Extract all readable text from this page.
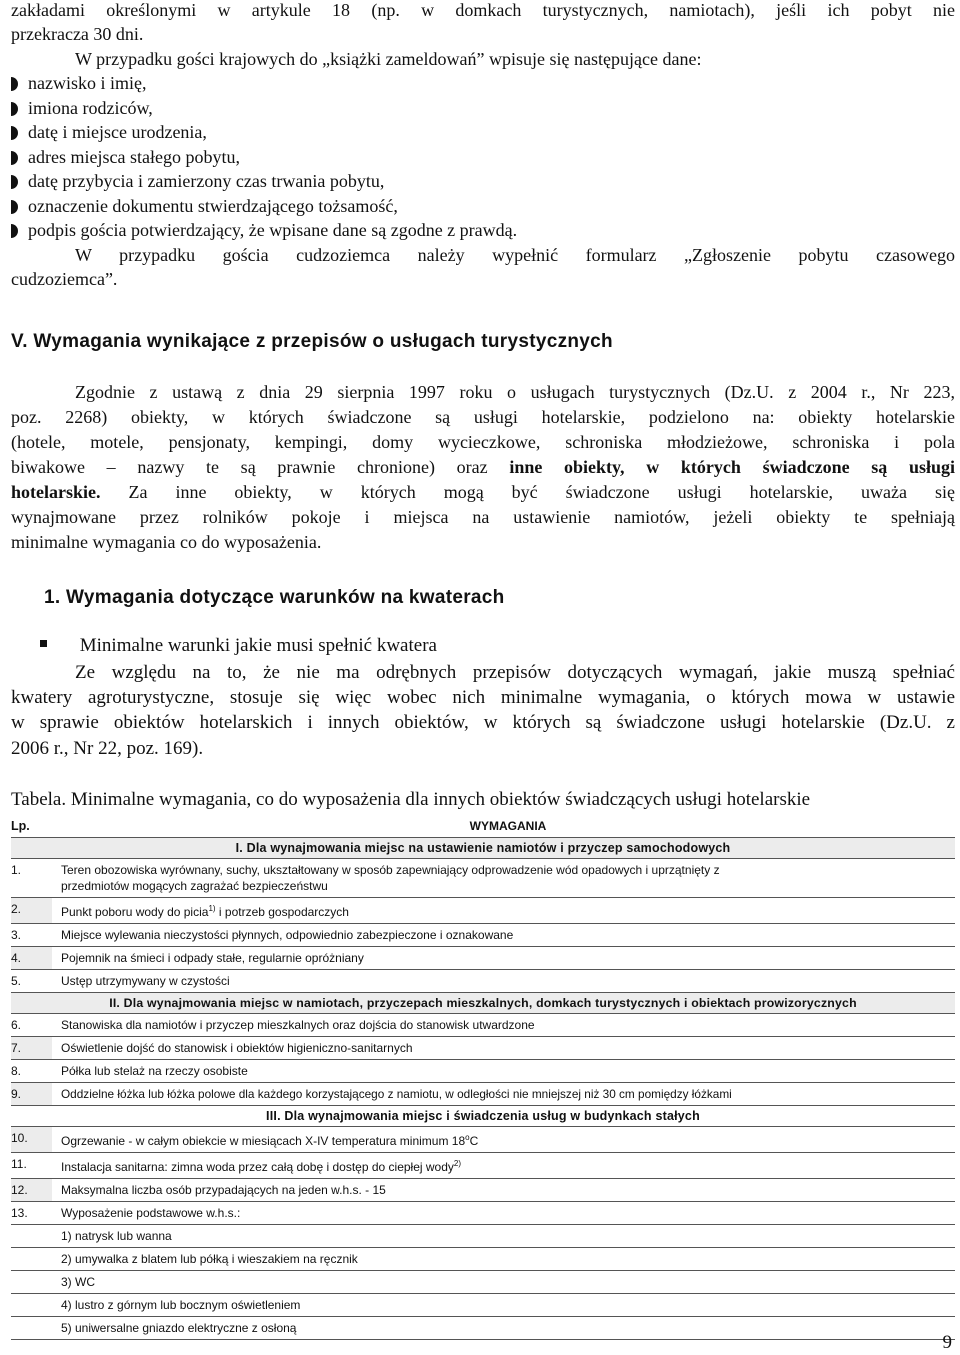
zakładami określonymi w artykule 18 (np. w domkach turystycznych, namiotach), jeśli ich pobyt nie
przekracza 30 dni.
W przypadku gości krajowych do „książki zameldowań” wpisuje się następujące dane:
nazwisko i imię,
imiona rodziców,
datę i miejsce urodzenia,
adres miejsca stałego pobytu,
datę przybycia i zamierzony czas trwania pobytu,
oznaczenie dokumentu stwierdzającego tożsamość,
podpis gościa potwierdzający, że wpisane dane są zgodne z prawdą.
W przypadku gościa cudzoziemca należy wypełnić formularz „Zgłoszenie pobytu czasowego
cudzoziemca”.
V. Wymagania wynikające z przepisów o usługach turystycznych
Zgodnie z ustawą z dnia 29 sierpnia 1997 roku o usługach turystycznych (Dz.U. z 2004 r., Nr 223,
poz. 2268) obiekty, w których świadczone są usługi hotelarskie, podzielono na: obiekty hotelarskie
(hotele, motele, pensjonaty, kempingi, domy wycieczkowe, schroniska młodzieżowe, schroniska i pola
biwakowe – nazwy te są prawnie chronione) oraz inne obiekty, w których świadczone są usługi
hotelarskie. Za inne obiekty, w których mogą być świadczone usługi hotelarskie, uważa się
wynajmowane przez rolników pokoje i miejsca na ustawienie namiotów, jeżeli obiekty te spełniają
minimalne wymagania co do wyposażenia.
1. Wymagania dotyczące warunków na kwaterach
Minimalne warunki jakie musi spełnić kwatera
Ze względu na to, że nie ma odrębnych przepisów dotyczących wymagań, jakie muszą spełniać
kwatery agroturystyczne, stosuje się więc wobec nich minimalne wymagania, o których mowa w ustawie
w sprawie obiektów hotelarskich i innych obiektów, w których są świadczone usługi hotelarskie (Dz.U. z
2006 r., Nr 22, poz. 169).
Tabela. Minimalne wymagania, co do wyposażenia dla innych obiektów świadczących usługi hotelarskie
Lp.	WYMAGANIA
I. Dla wynajmowania miejsc na ustawienie namiotów i przyczep samochodowych
1.	Teren obozowiska wyrównany, suchy, ukształtowany w sposób zapewniający odprowadzenie wód opadowych i uprzątnięty z
przedmiotów mogących zagrażać bezpieczeństwu
2.	Punkt poboru wody do picia$^{1)}$ i potrzeb gospodarczych
3.	Miejsce wylewania nieczystości płynnych, odpowiednio zabezpieczone i oznakowane
4.	Pojemnik na śmieci i odpady stałe, regularnie opróżniany
5.	Ustęp utrzymywany w czystości
II. Dla wynajmowania miejsc w namiotach, przyczepach mieszkalnych, domkach turystycznych i obiektach prowizorycznych
6.	Stanowiska dla namiotów i przyczep mieszkalnych oraz dojścia do stanowisk utwardzone
7.	Oświetlenie dojść do stanowisk i obiektów higieniczno-sanitarnych
8.	Półka lub stelaż na rzeczy osobiste
9.	Oddzielne łóżka lub łóżka polowe dla każdego korzystającego z namiotu, w odległości nie mniejszej niż 30 cm pomiędzy łóżkami
III. Dla wynajmowania miejsc i świadczenia usług w budynkach stałych
10.	Ogrzewanie - w całym obiekcie w miesiącach X-IV temperatura minimum 18$^o$C
11.	Instalacja sanitarna: zimna woda przez całą dobę i dostęp do ciepłej wody$^{2)}$
12.	Maksymalna liczba osób przypadających na jeden w.h.s. - 15
13.	Wyposażenie podstawowe w.h.s.:
1) natrysk lub wanna
2) umywalka z blatem lub półką i wieszakiem na ręcznik
3) WC
4) lustro z górnym lub bocznym oświetleniem
5) uniwersalne gniazdo elektryczne z osłoną
9
